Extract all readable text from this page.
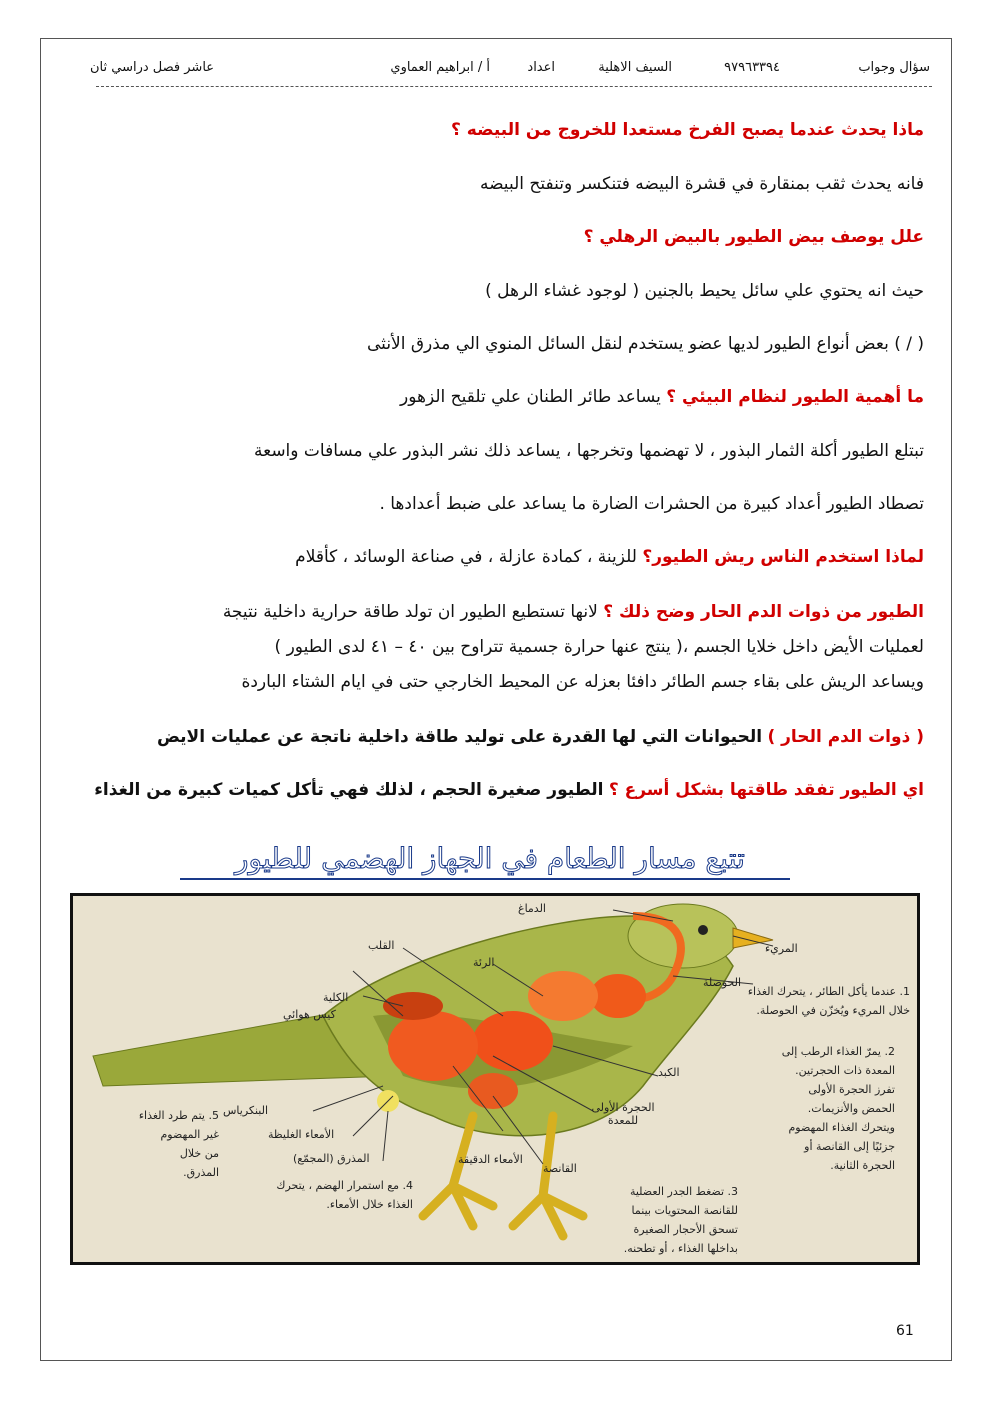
سؤال وجواب
٩٧٩٦٣٣٩٤
السيف الاهلية
اعداد
أ / ابراهيم العماوي
عاشر فصل دراسي ثان
ماذا يحدث عندما يصبح الفرخ مستعدا للخروج من البيضه ؟
فانه يحدث ثقب بمنقارة في قشرة البيضه فتنكسر وتنفتح البيضه
علل يوصف بيض الطيور بالبيض الرهلي ؟
حيث انه يحتوي علي سائل يحيط بالجنين ( لوجود غشاء الرهل )
( / ) بعض أنواع الطيور لديها عضو يستخدم لنقل السائل المنوي الي مذرق الأنثى
ما أهمية الطيور لنظام البيئي ؟ يساعد طائر الطنان علي تلقيح الزهور
تبتلع الطيور أكلة الثمار البذور ، لا تهضمها وتخرجها ، يساعد ذلك نشر البذور علي مسافات واسعة
تصطاد الطيور أعداد كبيرة من الحشرات الضارة ما يساعد على ضبط أعدادها .
لماذا استخدم الناس ريش الطيور؟ للزينة ، كمادة عازلة ، في صناعة الوسائد ، كأقلام
الطيور من ذوات الدم الحار وضح ذلك ؟ لانها تستطيع الطيور ان تولد طاقة حرارية داخلية نتيجة
لعمليات الأيض داخل خلايا الجسم ،( ينتج عنها حرارة جسمية تتراوح بين ٤٠ – ٤١ لدى الطيور )
ويساعد الريش على بقاء جسم الطائر دافئا بعزله عن المحيط الخارجي حتى في ايام الشتاء الباردة
( ذوات الدم الحار ) الحيوانات التي لها القدرة على توليد طاقة داخلية ناتجة عن عمليات الايض
اي الطيور تفقد طاقتها بشكل أسرع ؟ الطيور صغيرة الحجم ، لذلك فهي تأكل كميات كبيرة من الغذاء
تتبع مسار الطعام في الجهاز الهضمي للطيور
الدماغ
المريء
القلب
الرئة
الحوصلة
الكلية
كيس هوائي
الكبد
البنكرياس
الأمعاء الغليظة
المذرق (المجمّع)	الأمعاء الدقيقة
الحجرة الأولى للمعدة
القانصة
1. عندما يأكل الطائر ، يتحرك الغذاء
خلال المريء ويُخزّن في الحوصلة.
2. يمرّ الغذاء الرطب إلى
المعدة ذات الحجرتين.
تفرز الحجرة الأولى
الحمض والأنزيمات.
ويتحرك الغذاء المهضوم
جزئيًا إلى القانصة أو
الحجرة الثانية.
3. تضغط الجدر العضلية
للقانصة المحتويات بينما
تسحق الأحجار الصغيرة
بداخلها الغذاء ، أو تطحنه.
4. مع استمرار الهضم ، يتحرك
الغذاء خلال الأمعاء.
5. يتم طرد الغذاء
غير المهضوم
من خلال
المذرق.
61
